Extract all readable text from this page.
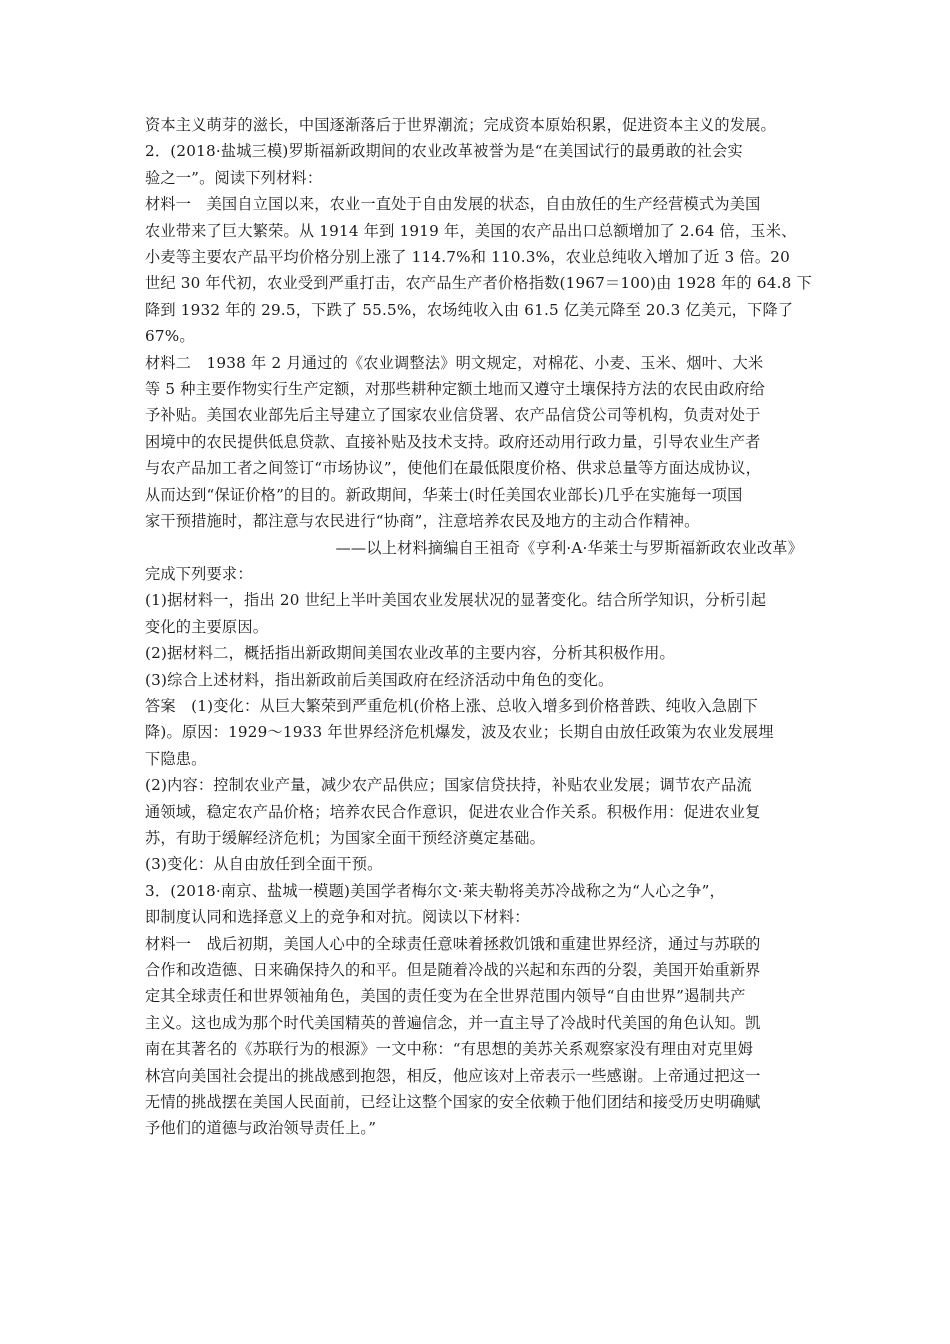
资本主义萌芽的滋长，中国逐渐落后于世界潮流；完成资本原始积累，促进资本主义的发展。
2．(2018·盐城三模)罗斯福新政期间的农业改革被誉为是“在美国试行的最勇敢的社会实
验之一”。阅读下列材料：
材料一　美国自立国以来，农业一直处于自由发展的状态，自由放任的生产经营模式为美国
农业带来了巨大繁荣。从 1914 年到 1919 年，美国的农产品出口总额增加了 2.64 倍，玉米、
小麦等主要农产品平均价格分别上涨了 114.7%和 110.3%，农业总纯收入增加了近 3 倍。20
世纪 30 年代初，农业受到严重打击，农产品生产者价格指数(1967＝100)由 1928 年的 64.8 下
降到 1932 年的 29.5，下跌了 55.5%，农场纯收入由 61.5 亿美元降至 20.3 亿美元，下降了
67%。
材料二　1938 年 2 月通过的《农业调整法》明文规定，对棉花、小麦、玉米、烟叶、大米
等 5 种主要作物实行生产定额，对那些耕种定额土地而又遵守土壤保持方法的农民由政府给
予补贴。美国农业部先后主导建立了国家农业信贷署、农产品信贷公司等机构，负责对处于
困境中的农民提供低息贷款、直接补贴及技术支持。政府还动用行政力量，引导农业生产者
与农产品加工者之间签订“市场协议”，使他们在最低限度价格、供求总量等方面达成协议，
从而达到“保证价格”的目的。新政期间，华莱士(时任美国农业部长)几乎在实施每一项国
家干预措施时，都注意与农民进行“协商”，注意培养农民及地方的主动合作精神。
——以上材料摘编自王祖奇《亨利·A·华莱士与罗斯福新政农业改革》
完成下列要求：
(1)据材料一，指出 20 世纪上半叶美国农业发展状况的显著变化。结合所学知识，分析引起
变化的主要原因。
(2)据材料二，概括指出新政期间美国农业改革的主要内容，分析其积极作用。
(3)综合上述材料，指出新政前后美国政府在经济活动中角色的变化。
答案　(1)变化：从巨大繁荣到严重危机(价格上涨、总收入增多到价格普跌、纯收入急剧下
降)。原因：1929～1933 年世界经济危机爆发，波及农业；长期自由放任政策为农业发展埋
下隐患。
(2)内容：控制农业产量，减少农产品供应；国家信贷扶持，补贴农业发展；调节农产品流
通领域，稳定农产品价格；培养农民合作意识，促进农业合作关系。积极作用：促进农业复
苏，有助于缓解经济危机；为国家全面干预经济奠定基础。
(3)变化：从自由放任到全面干预。
3．(2018·南京、盐城一模题)美国学者梅尔文·莱夫勒将美苏冷战称之为“人心之争”，
即制度认同和选择意义上的竞争和对抗。阅读以下材料：
材料一　战后初期，美国人心中的全球责任意味着拯救饥饿和重建世界经济，通过与苏联的
合作和改造德、日来确保持久的和平。但是随着冷战的兴起和东西的分裂，美国开始重新界
定其全球责任和世界领袖角色，美国的责任变为在全世界范围内领导“自由世界”遏制共产
主义。这也成为那个时代美国精英的普遍信念，并一直主导了冷战时代美国的角色认知。凯
南在其著名的《苏联行为的根源》一文中称：“有思想的美苏关系观察家没有理由对克里姆
林宫向美国社会提出的挑战感到抱怨，相反，他应该对上帝表示一些感谢。上帝通过把这一
无情的挑战摆在美国人民面前，已经让这整个国家的安全依赖于他们团结和接受历史明确赋
予他们的道德与政治领导责任上。”
